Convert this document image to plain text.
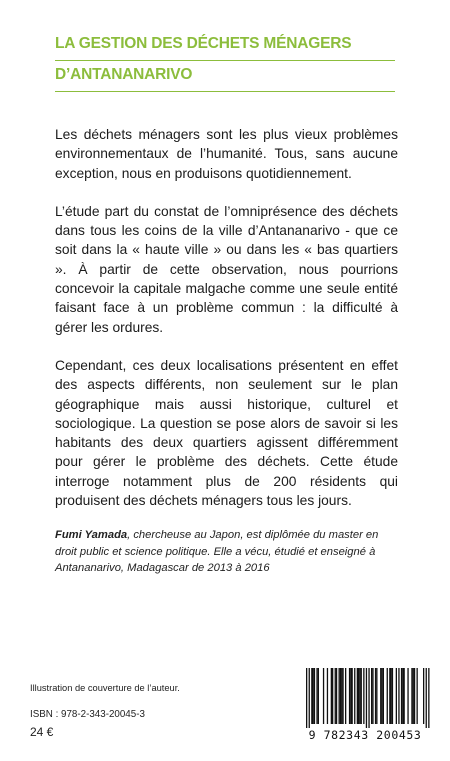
LA GESTION DES DÉCHETS MÉNAGERS
D’ANTANANARIVO

Les déchets ménagers sont les plus vieux problèmes environnementaux de l’humanité. Tous, sans aucune exception, nous en produisons quotidiennement.

L’étude part du constat de l’omniprésence des déchets dans tous les coins de la ville d’Antananarivo - que ce soit dans la « haute ville » ou dans les « bas quartiers ». À partir de cette observation, nous pourrions concevoir la capitale malgache comme une seule entité faisant face à un problème commun : la difficulté à gérer les ordures.

Cependant, ces deux localisations présentent en effet des aspects différents, non seulement sur le plan géographique mais aussi historique, culturel et sociologique. La question se pose alors de savoir si les habitants des deux quartiers agissent différemment pour gérer le problème des déchets. Cette étude interroge notamment plus de 200 résidents qui produisent des déchets ménagers tous les jours.

Fumi Yamada, chercheuse au Japon, est diplômée du master en droit public et science politique. Elle a vécu, étudié et enseigné à Antananarivo, Madagascar de 2013 à 2016
Illustration de couverture de l’auteur.
ISBN : 978-2-343-20045-3
24 €	9 782343 200453
